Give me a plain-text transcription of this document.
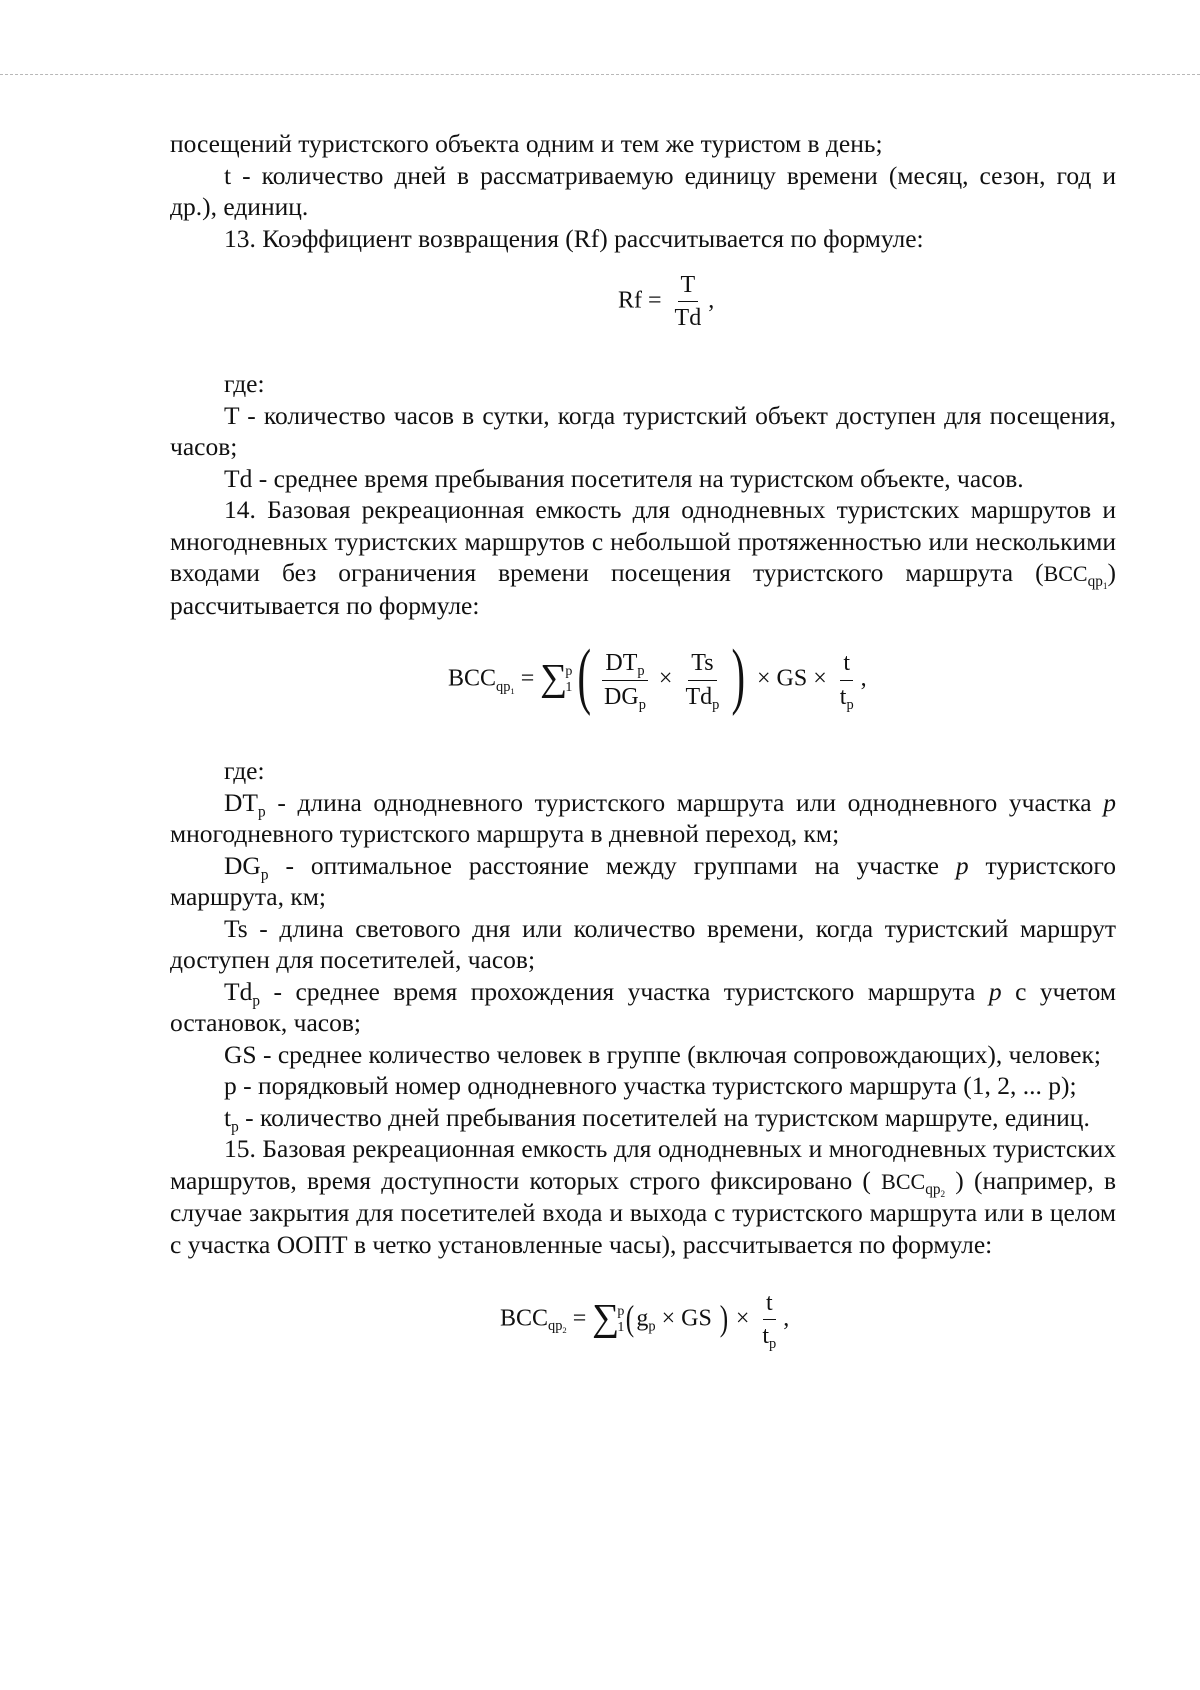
посещений туристского объекта одним и тем же туристом в день;

t - количество дней в рассматриваемую единицу времени (месяц, сезон, год и др.), единиц.

13. Коэффициент возвращения (Rf) рассчитывается по формуле:

$Rf = \frac{T}{Td}$ ,

где:

T - количество часов в сутки, когда туристский объект доступен для посещения, часов;

Td - среднее время пребывания посетителя на туристском объекте, часов.

14. Базовая рекреационная емкость для однодневных туристских маршрутов и многодневных туристских маршрутов с небольшой протяженностью или несколькими входами без ограничения времени посещения туристского маршрута $(BCC_{qp_1})$ рассчитывается по формуле:

$BCC_{qp_1}$ = ∑
p
1 ( $\frac{DT_p}{DG_p} \times \frac{Ts}{Td_p}$ ) × GS × $\frac{t}{t_p}$ ,

где:

$DT_p$ - длина однодневного туристского маршрута или однодневного участка p многодневного туристского маршрута в дневной переход, км;

$DG_p$ - оптимальное расстояние между группами на участке p туристского маршрута, км;

Ts - длина светового дня или количество времени, когда туристский маршрут доступен для посетителей, часов;

$Td_p$ - среднее время прохождения участка туристского маршрута p с учетом остановок, часов;

GS - среднее количество человек в группе (включая сопровождающих), человек;

p - порядковый номер однодневного участка туристского маршрута (1, 2, ... p);

$t_p$ - количество дней пребывания посетителей на туристском маршруте, единиц.

15. Базовая рекреационная емкость для однодневных и многодневных туристских маршрутов, время доступности которых строго фиксировано ( $BCC_{qp_2}$ ) (например, в случае закрытия для посетителей входа и выхода с туристского маршрута или в целом с участка ООПТ в четко установленные часы), рассчитывается по формуле:

$BCC_{qp_2}$ = ∑
p
1 ($g_p$ × GS ) × $\frac{t}{t_p}$ ,
